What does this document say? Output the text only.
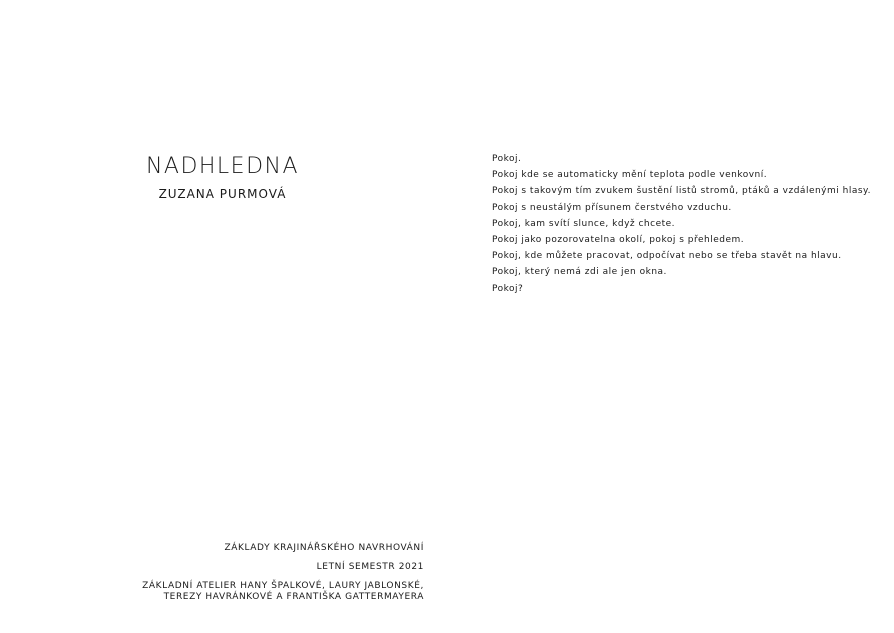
NADHLEDNA
ZUZANA PURMOVÁ
Pokoj.
Pokoj kde se automaticky mění teplota podle venkovní.
Pokoj s takovým tím zvukem šustění listů stromů, ptáků a vzdálenými hlasy.
Pokoj s neustálým přísunem čerstvého vzduchu.
Pokoj, kam svítí slunce, když chcete.
Pokoj jako pozorovatelna okolí, pokoj s přehledem.
Pokoj, kde můžete pracovat, odpočívat nebo se třeba stavět na hlavu.
Pokoj, který nemá zdi ale jen okna.
Pokoj?
ZÁKLADY KRAJINÁŘSKÉHO NAVRHOVÁNÍ
LETNÍ SEMESTR 2021
ZÁKLADNÍ ATELIER HANY ŠPALKOVÉ, LAURY JABLONSKÉ,
TEREZY HAVRÁNKOVÉ A FRANTIŠKA GATTERMAYERA
